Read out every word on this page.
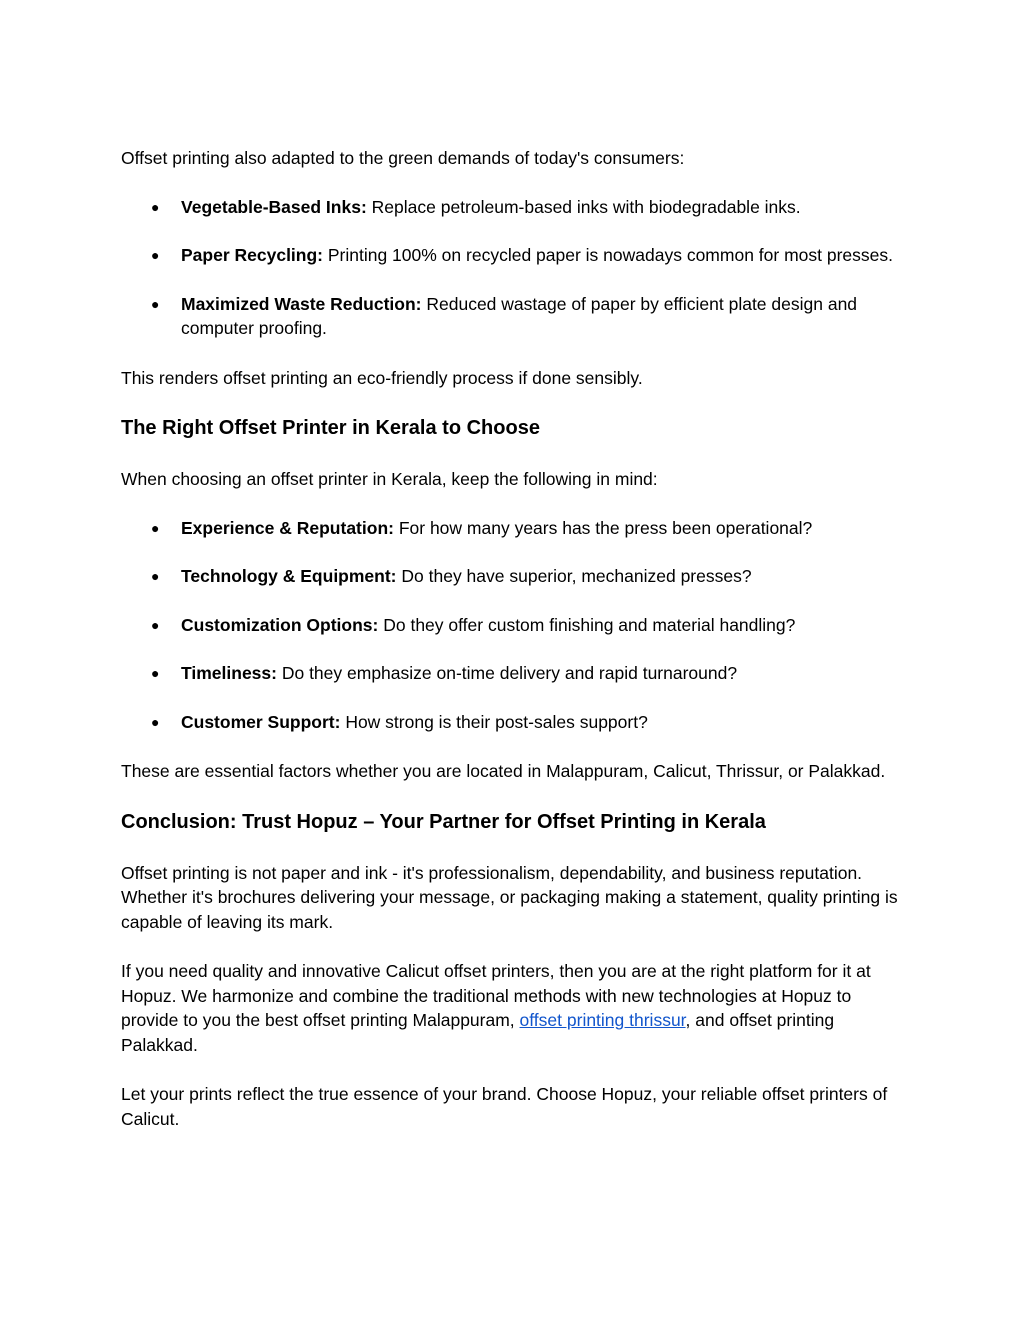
Offset printing also adapted to the green demands of today's consumers:

● Vegetable-Based Inks: Replace petroleum-based inks with biodegradable inks.
● Paper Recycling: Printing 100% on recycled paper is nowadays common for most presses.
● Maximized Waste Reduction: Reduced wastage of paper by efficient plate design and computer proofing.

This renders offset printing an eco-friendly process if done sensibly.

The Right Offset Printer in Kerala to Choose

When choosing an offset printer in Kerala, keep the following in mind:

● Experience & Reputation: For how many years has the press been operational?
● Technology & Equipment: Do they have superior, mechanized presses?
● Customization Options: Do they offer custom finishing and material handling?
● Timeliness: Do they emphasize on-time delivery and rapid turnaround?
● Customer Support: How strong is their post-sales support?

These are essential factors whether you are located in Malappuram, Calicut, Thrissur, or Palakkad.

Conclusion: Trust Hopuz – Your Partner for Offset Printing in Kerala

Offset printing is not paper and ink - it's professionalism, dependability, and business reputation. Whether it's brochures delivering your message, or packaging making a statement, quality printing is capable of leaving its mark.

If you need quality and innovative Calicut offset printers, then you are at the right platform for it at Hopuz. We harmonize and combine the traditional methods with new technologies at Hopuz to provide to you the best offset printing Malappuram, offset printing thrissur, and offset printing Palakkad.

Let your prints reflect the true essence of your brand. Choose Hopuz, your reliable offset printers of Calicut.
